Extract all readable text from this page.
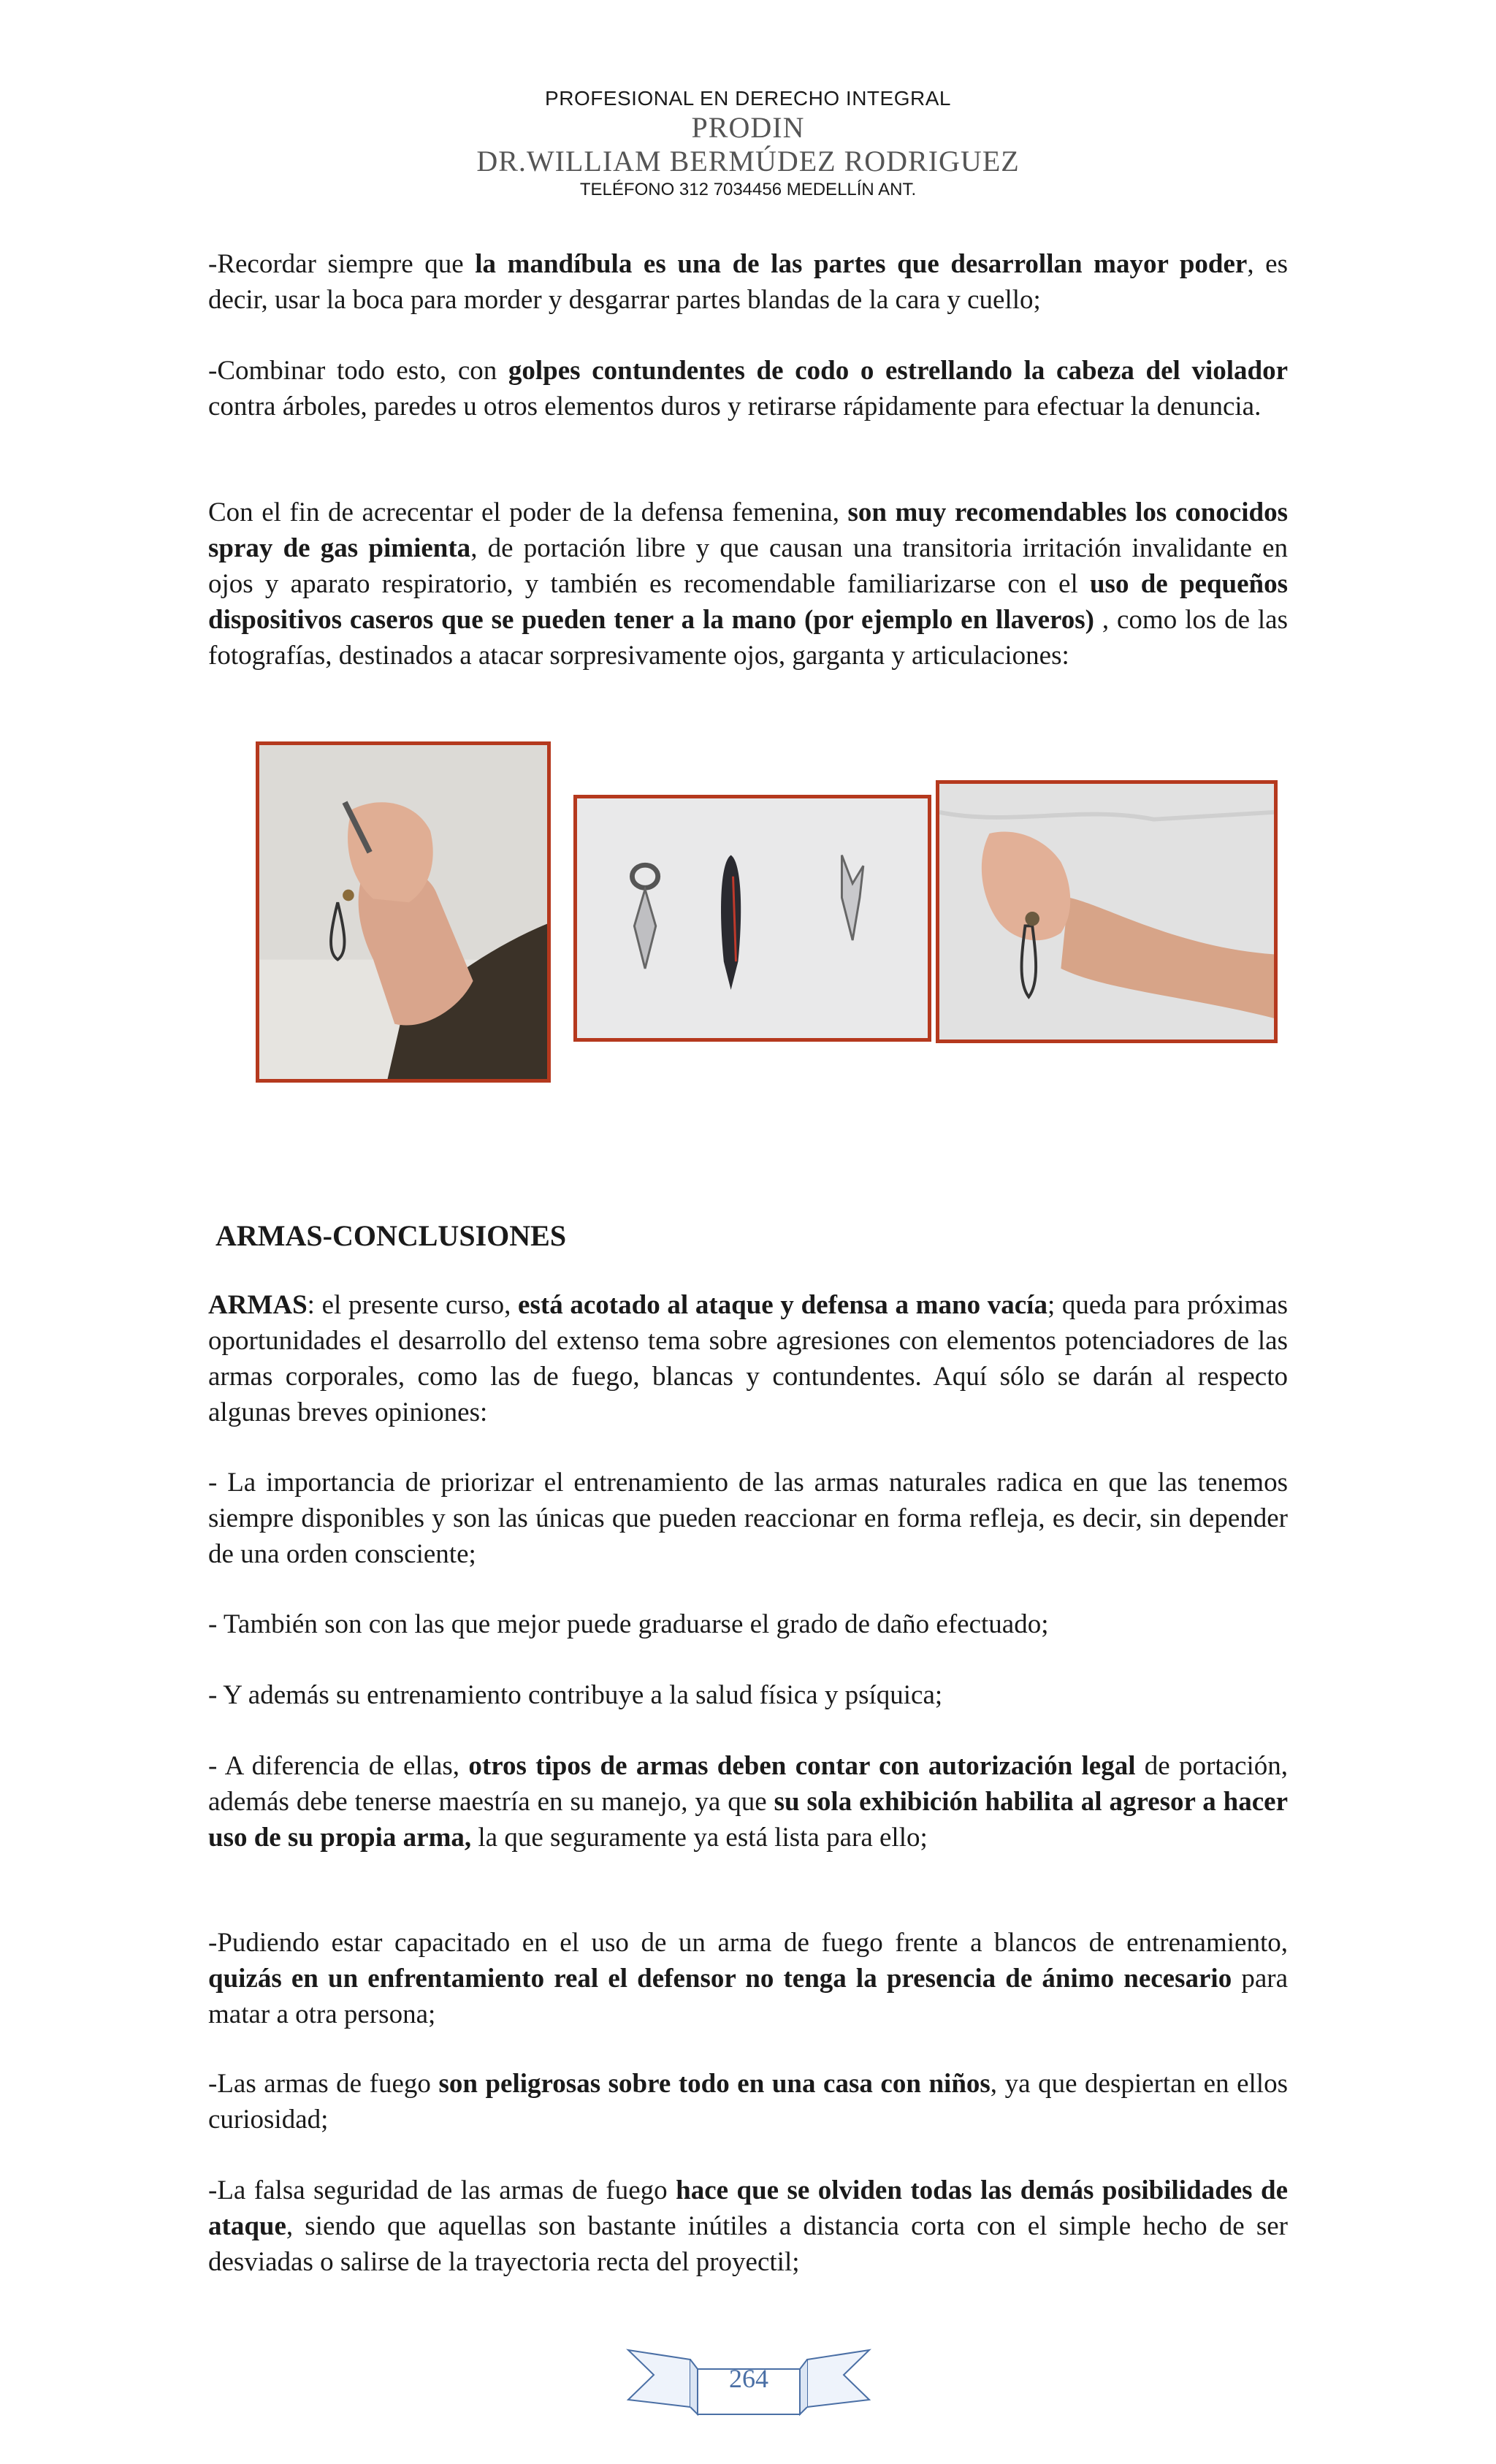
PROFESIONAL EN DERECHO INTEGRAL
PRODIN
DR.WILLIAM BERMÚDEZ RODRIGUEZ
TELÉFONO 312 7034456 MEDELLÍN ANT.

-Recordar siempre que la mandíbula es una de las partes que desarrollan mayor poder, es decir, usar la boca para morder y desgarrar partes blandas de la cara y cuello;

-Combinar todo esto, con golpes contundentes de codo o estrellando la cabeza del violador contra árboles, paredes u otros elementos duros y retirarse rápidamente para efectuar la denuncia.

Con el fin de acrecentar el poder de la defensa femenina, son muy recomendables los conocidos spray de gas pimienta, de portación libre y que causan una transitoria irritación invalidante en ojos y aparato respiratorio, y también es recomendable familiarizarse con el uso de pequeños dispositivos caseros que se pueden tener a la mano (por ejemplo en llaveros) , como los de las fotografías, destinados a atacar sorpresivamente ojos, garganta y articulaciones:

ARMAS-CONCLUSIONES

ARMAS: el presente curso, está acotado al ataque y defensa a mano vacía; queda para próximas oportunidades el desarrollo del extenso tema sobre agresiones con elementos potenciadores de las armas corporales, como las de fuego, blancas y contundentes. Aquí sólo se darán al respecto algunas breves opiniones:

- La importancia de priorizar el entrenamiento de las armas naturales radica en que las tenemos siempre disponibles y son las únicas que pueden reaccionar en forma refleja, es decir, sin depender de una orden consciente;

- También son con las que mejor puede graduarse el grado de daño efectuado;

- Y además su entrenamiento contribuye a la salud física y psíquica;

- A diferencia de ellas, otros tipos de armas deben contar con autorización legal de portación, además debe tenerse maestría en su manejo, ya que su sola exhibición habilita al agresor a hacer uso de su propia arma, la que seguramente ya está lista para ello;

-Pudiendo estar capacitado en el uso de un arma de fuego frente a blancos de entrenamiento, quizás en un enfrentamiento real el defensor no tenga la presencia de ánimo necesario para matar a otra persona;

-Las armas de fuego son peligrosas sobre todo en una casa con niños, ya que despiertan en ellos curiosidad;

-La falsa seguridad de las armas de fuego hace que se olviden todas las demás posibilidades de ataque, siendo que aquellas son bastante inútiles a distancia corta con el simple hecho de ser desviadas o salirse de la trayectoria recta del proyectil;

264
